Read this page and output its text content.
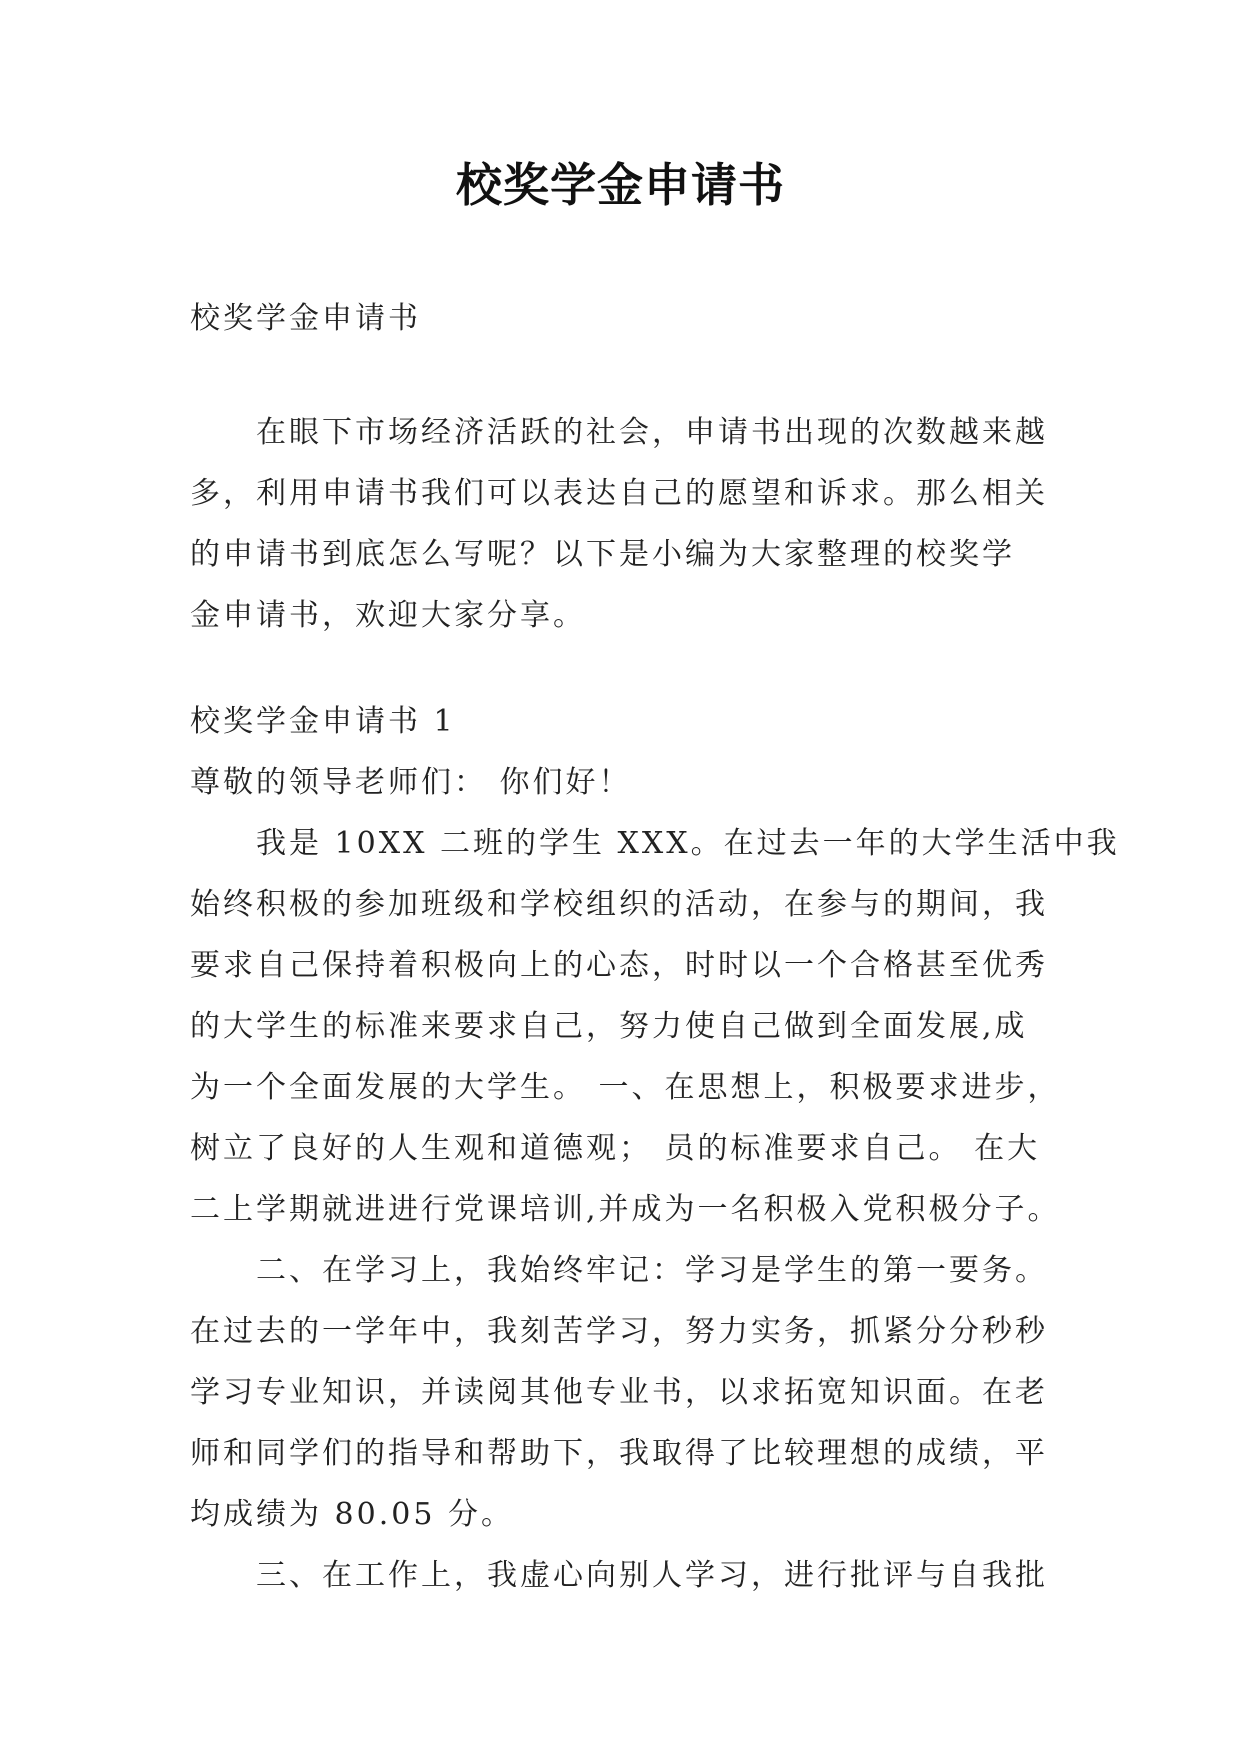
校奖学金申请书
校奖学金申请书
在眼下市场经济活跃的社会，申请书出现的次数越来越
多，利用申请书我们可以表达自己的愿望和诉求。那么相关
的申请书到底怎么写呢？以下是小编为大家整理的校奖学
金申请书，欢迎大家分享。
校奖学金申请书 1
尊敬的领导老师们： 你们好！
我是 10XX 二班的学生 XXX。在过去一年的大学生活中我
始终积极的参加班级和学校组织的活动，在参与的期间，我
要求自己保持着积极向上的心态，时时以一个合格甚至优秀
的大学生的标准来要求自己，努力使自己做到全面发展,成
为一个全面发展的大学生。 一、在思想上，积极要求进步，
树立了良好的人生观和道德观； 员的标准要求自己。 在大
二上学期就进进行党课培训,并成为一名积极入党积极分子。
二、在学习上，我始终牢记：学习是学生的第一要务。
在过去的一学年中，我刻苦学习，努力实务，抓紧分分秒秒
学习专业知识，并读阅其他专业书，以求拓宽知识面。在老
师和同学们的指导和帮助下，我取得了比较理想的成绩，平
均成绩为 80.05 分。
三、在工作上，我虚心向别人学习，进行批评与自我批
